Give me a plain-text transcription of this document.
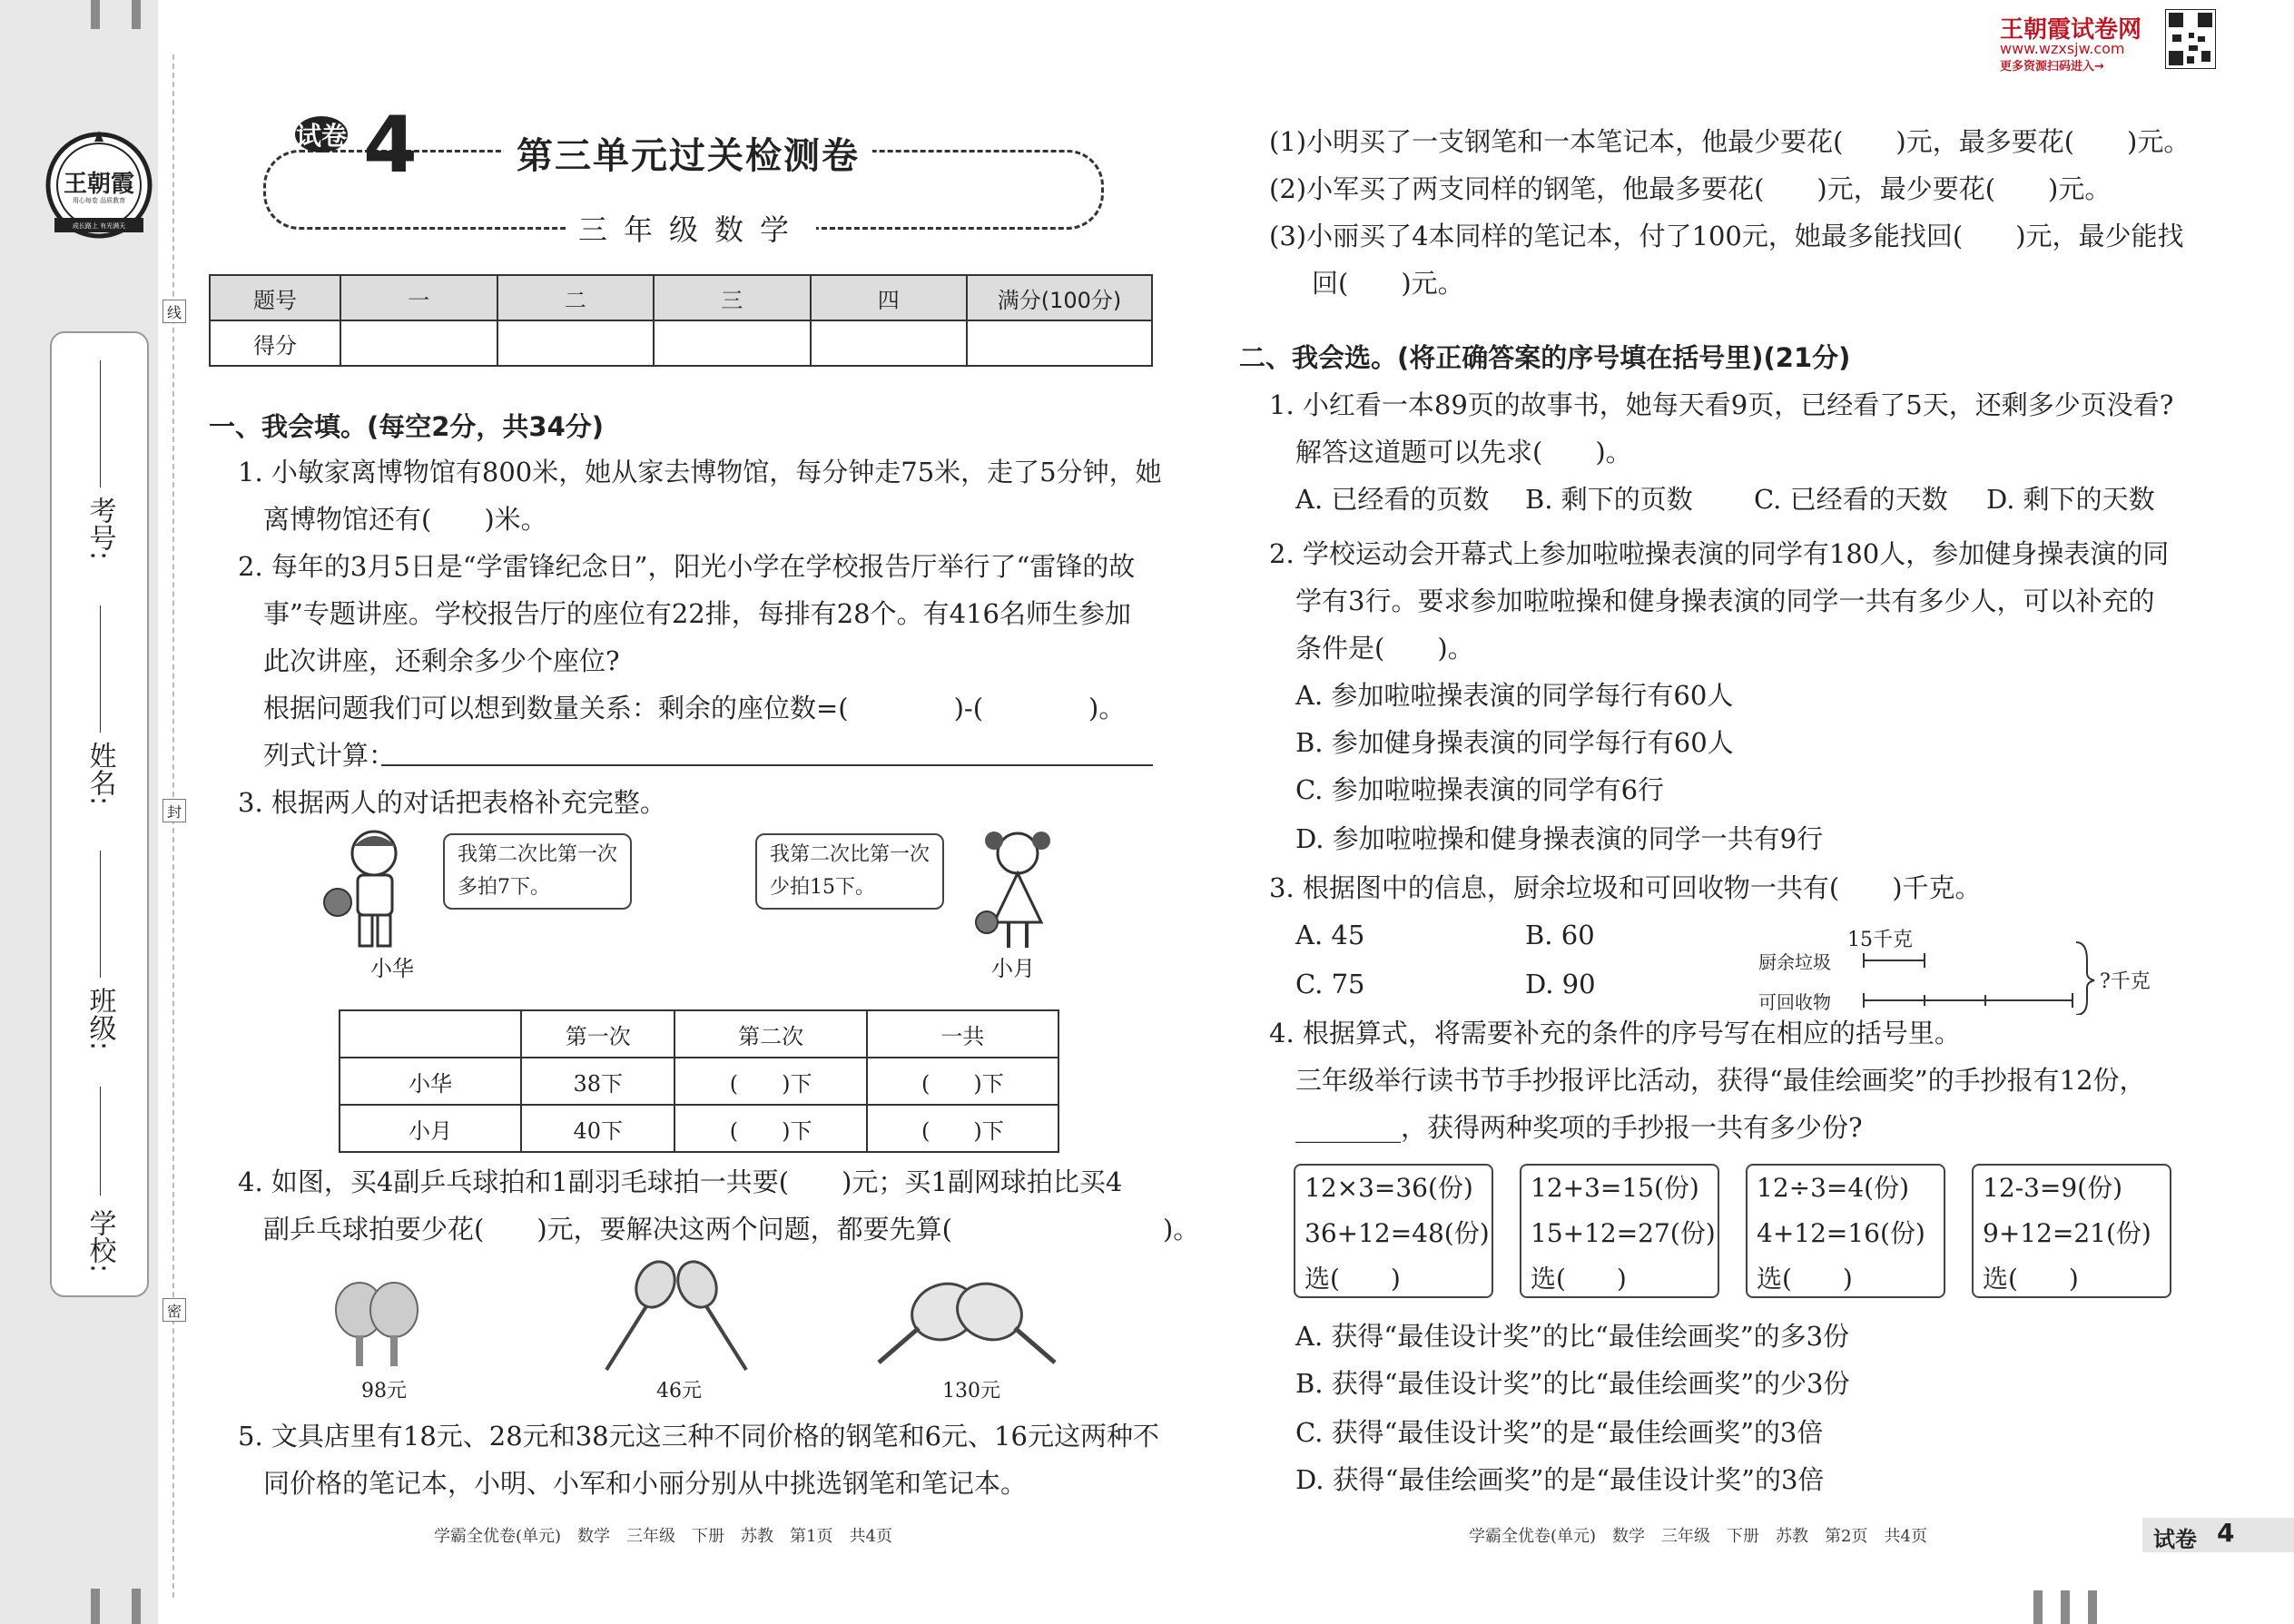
线
封
密
考号:
姓名:
班级:
学校:
王朝霞
用心每卷 品质教育
成长路上 有光满天
王朝霞试卷网
www.wzxsjw.com
更多资源扫码进入→
试卷 4	第三单元过关检测卷
三年级数学
题号	一	二	三	四	满分(100分)
得分					
一、我会填。(每空2分，共34分)
1. 小敏家离博物馆有800米，她从家去博物馆，每分钟走75米，走了5分钟，她
离博物馆还有(　　)米。
2. 每年的3月5日是“学雷锋纪念日”，阳光小学在学校报告厅举行了“雷锋的故
事”专题讲座。学校报告厅的座位有22排，每排有28个。有416名师生参加
此次讲座，还剩余多少个座位?
根据问题我们可以想到数量关系：剩余的座位数=(　　　　)-(　　　　)。
列式计算：
3. 根据两人的对话把表格补充完整。
我第二次比第一次
多拍7下。
小华
我第二次比第一次
少拍15下。
小月
	第一次	第二次	一共
小华	38下	(　　)下	(　　)下
小月	40下	(　　)下	(　　)下
4. 如图，买4副乒乓球拍和1副羽毛球拍一共要(　　)元；买1副网球拍比买4
副乒乓球拍要少花(　　)元，要解决这两个问题，都要先算(　　　　　　　　)。
98元	46元	130元
5. 文具店里有18元、28元和38元这三种不同价格的钢笔和6元、16元这两种不
同价格的笔记本，小明、小军和小丽分别从中挑选钢笔和笔记本。
学霸全优卷(单元)　数学　三年级　下册　苏教　第1页　共4页
(1)小明买了一支钢笔和一本笔记本，他最少要花(　　)元，最多要花(　　)元。
(2)小军买了两支同样的钢笔，他最多要花(　　)元，最少要花(　　)元。
(3)小丽买了4本同样的笔记本，付了100元，她最多能找回(　　)元，最少能找
回(　　)元。
二、我会选。(将正确答案的序号填在括号里)(21分)
1. 小红看一本89页的故事书，她每天看9页，已经看了5天，还剩多少页没看?
解答这道题可以先求(　　)。
A. 已经看的页数 B. 剩下的页数 C. 已经看的天数 D. 剩下的天数
2. 学校运动会开幕式上参加啦啦操表演的同学有180人，参加健身操表演的同
学有3行。要求参加啦啦操和健身操表演的同学一共有多少人，可以补充的
条件是(　　)。
A. 参加啦啦操表演的同学每行有60人
B. 参加健身操表演的同学每行有60人
C. 参加啦啦操表演的同学有6行
D. 参加啦啦操和健身操表演的同学一共有9行
3. 根据图中的信息，厨余垃圾和可回收物一共有(　　)千克。
A. 45	B. 60
C. 75	D. 90
15千克
厨余垃圾
可回收物
?千克
4. 根据算式，将需要补充的条件的序号写在相应的括号里。
三年级举行读书节手抄报评比活动，获得“最佳绘画奖”的手抄报有12份，
________，获得两种奖项的手抄报一共有多少份?
12×3=36(份)
36+12=48(份)
选(　　)
12+3=15(份)
15+12=27(份)
选(　　)
12÷3=4(份)
4+12=16(份)
选(　　)
12-3=9(份)
9+12=21(份)
选(　　)
A. 获得“最佳设计奖”的比“最佳绘画奖”的多3份
B. 获得“最佳设计奖”的比“最佳绘画奖”的少3份
C. 获得“最佳设计奖”的是“最佳绘画奖”的3倍
D. 获得“最佳绘画奖”的是“最佳设计奖”的3倍
学霸全优卷(单元)　数学　三年级　下册　苏教　第2页　共4页	试卷 4
